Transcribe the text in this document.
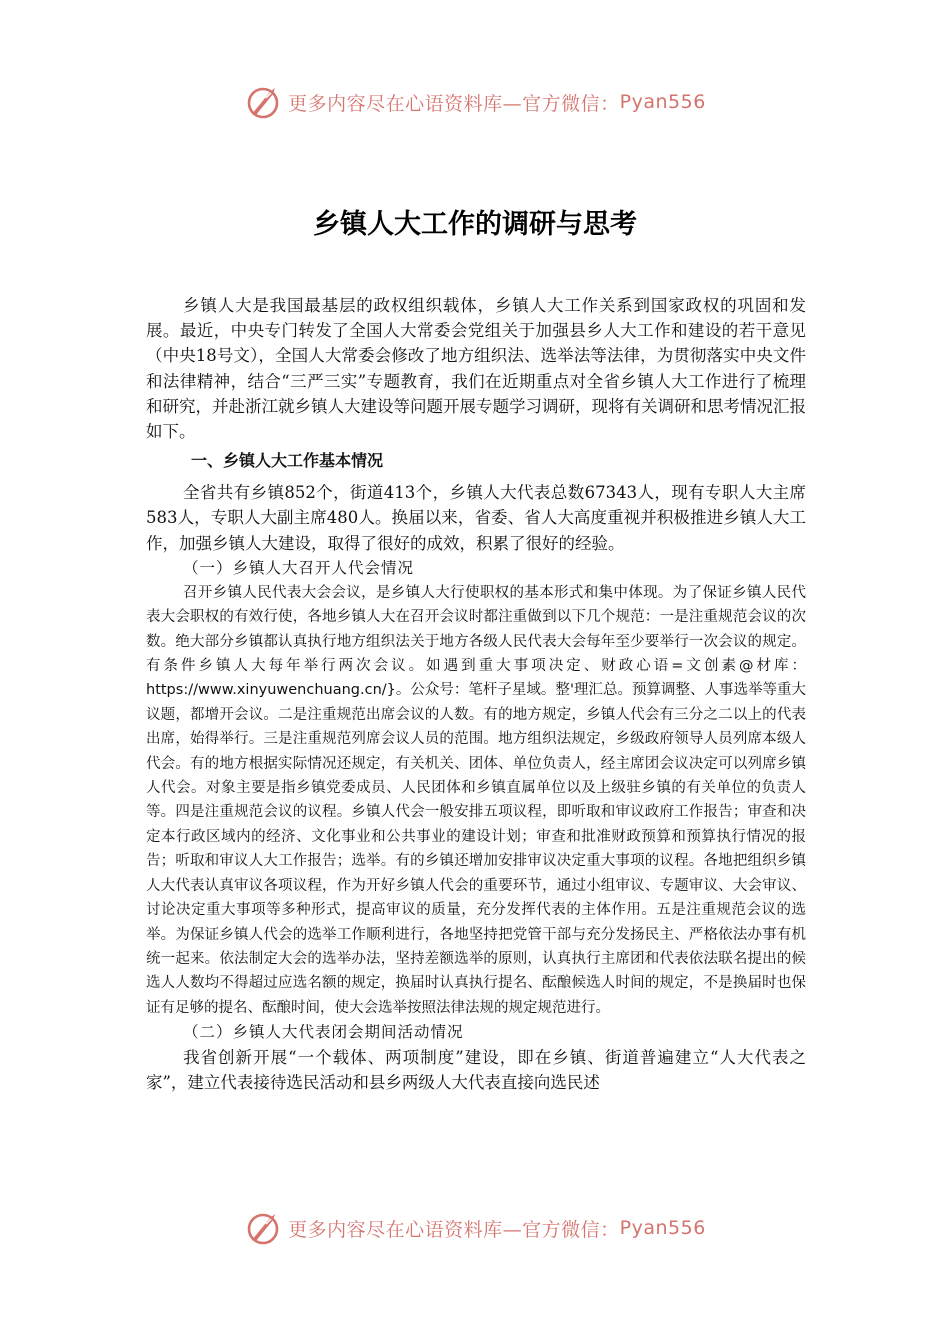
更多内容尽在心语资料库—官方微信： Pyan556
乡镇人大工作的调研与思考

乡镇人大是我国最基层的政权组织载体，乡镇人大工作关系到国家政权的巩固和发展。最近，中央专门转发了全国人大常委会党组关于加强县乡人大工作和建设的若干意见（中央18号文），全国人大常委会修改了地方组织法、选举法等法律，为贯彻落实中央文件和法律精神，结合“三严三实”专题教育，我们在近期重点对全省乡镇人大工作进行了梳理和研究，并赴浙江就乡镇人大建设等问题开展专题学习调研，现将有关调研和思考情况汇报如下。

一、乡镇人大工作基本情况

全省共有乡镇852个，街道413个，乡镇人大代表总数67343人，现有专职人大主席583人，专职人大副主席480人。换届以来，省委、省人大高度重视并积极推进乡镇人大工作，加强乡镇人大建设，取得了很好的成效，积累了很好的经验。

（一）乡镇人大召开人代会情况

召开乡镇人民代表大会会议，是乡镇人大行使职权的基本形式和集中体现。为了保证乡镇人民代表大会职权的有效行使，各地乡镇人大在召开会议时都注重做到以下几个规范：一是注重规范会议的次数。绝大部分乡镇都认真执行地方组织法关于地方各级人民代表大会每年至少要举行一次会议的规定。有条件乡镇人大每年举行两次会议。如遇到重大事项决定、财政心语=文创素@材库：https://www.xinyuwenchuang.cn/}。公众号：笔杆子星域。整'理汇总。预算调整、人事选举等重大议题，都增开会议。二是注重规范出席会议的人数。有的地方规定，乡镇人代会有三分之二以上的代表出席，始得举行。三是注重规范列席会议人员的范围。地方组织法规定，乡级政府领导人员列席本级人代会。有的地方根据实际情况还规定，有关机关、团体、单位负责人，经主席团会议决定可以列席乡镇人代会。对象主要是指乡镇党委成员、人民团体和乡镇直属单位以及上级驻乡镇的有关单位的负责人等。四是注重规范会议的议程。乡镇人代会一般安排五项议程，即听取和审议政府工作报告；审查和决定本行政区域内的经济、文化事业和公共事业的建设计划；审查和批准财政预算和预算执行情况的报告；听取和审议人大工作报告；选举。有的乡镇还增加安排审议决定重大事项的议程。各地把组织乡镇人大代表认真审议各项议程，作为开好乡镇人代会的重要环节，通过小组审议、专题审议、大会审议、讨论决定重大事项等多种形式，提高审议的质量，充分发挥代表的主体作用。五是注重规范会议的选举。为保证乡镇人代会的选举工作顺利进行，各地坚持把党管干部与充分发扬民主、严格依法办事有机统一起来。依法制定大会的选举办法，坚持差额选举的原则，认真执行主席团和代表依法联名提出的候选人人数均不得超过应选名额的规定，换届时认真执行提名、酝酿候选人时间的规定，不是换届时也保证有足够的提名、酝酿时间，使大会选举按照法律法规的规定规范进行。

（二）乡镇人大代表闭会期间活动情况

我省创新开展“一个载体、两项制度”建设，即在乡镇、街道普遍建立“人大代表之家”，建立代表接待选民活动和县乡两级人大代表直接向选民述

更多内容尽在心语资料库—官方微信： Pyan556
